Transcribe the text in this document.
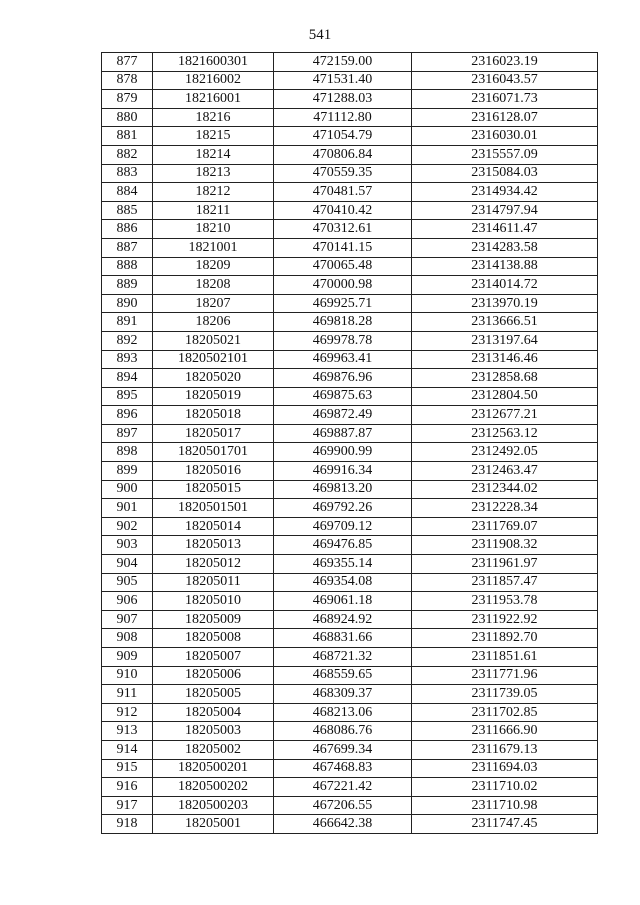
541
877	1821600301	472159.00	2316023.19
878	18216002	471531.40	2316043.57
879	18216001	471288.03	2316071.73
880	18216	471112.80	2316128.07
881	18215	471054.79	2316030.01
882	18214	470806.84	2315557.09
883	18213	470559.35	2315084.03
884	18212	470481.57	2314934.42
885	18211	470410.42	2314797.94
886	18210	470312.61	2314611.47
887	1821001	470141.15	2314283.58
888	18209	470065.48	2314138.88
889	18208	470000.98	2314014.72
890	18207	469925.71	2313970.19
891	18206	469818.28	2313666.51
892	18205021	469978.78	2313197.64
893	1820502101	469963.41	2313146.46
894	18205020	469876.96	2312858.68
895	18205019	469875.63	2312804.50
896	18205018	469872.49	2312677.21
897	18205017	469887.87	2312563.12
898	1820501701	469900.99	2312492.05
899	18205016	469916.34	2312463.47
900	18205015	469813.20	2312344.02
901	1820501501	469792.26	2312228.34
902	18205014	469709.12	2311769.07
903	18205013	469476.85	2311908.32
904	18205012	469355.14	2311961.97
905	18205011	469354.08	2311857.47
906	18205010	469061.18	2311953.78
907	18205009	468924.92	2311922.92
908	18205008	468831.66	2311892.70
909	18205007	468721.32	2311851.61
910	18205006	468559.65	2311771.96
911	18205005	468309.37	2311739.05
912	18205004	468213.06	2311702.85
913	18205003	468086.76	2311666.90
914	18205002	467699.34	2311679.13
915	1820500201	467468.83	2311694.03
916	1820500202	467221.42	2311710.02
917	1820500203	467206.55	2311710.98
918	18205001	466642.38	2311747.45
